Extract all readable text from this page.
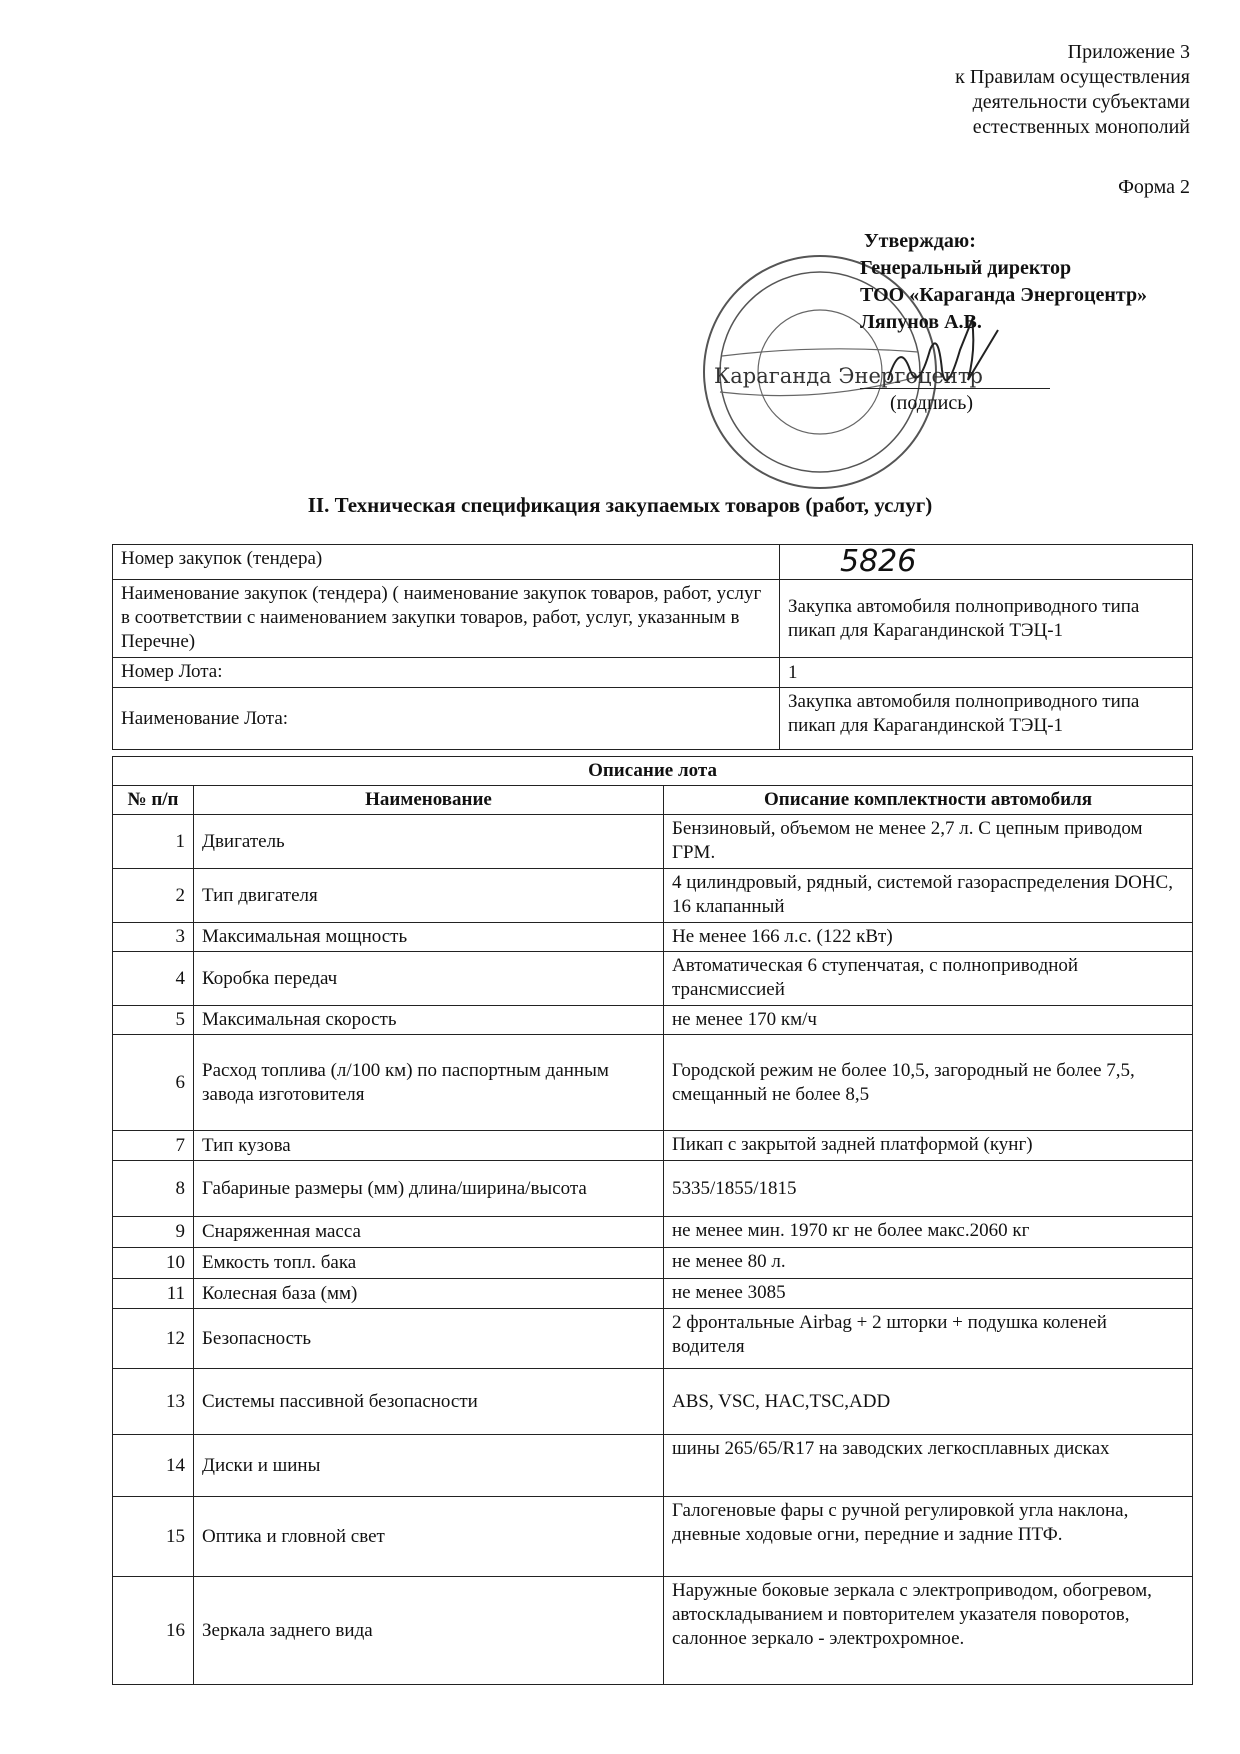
Приложение 3
к Правилам осуществления
деятельности субъектами
естественных монополий
Форма 2
Караганда Энергоцентр
Утверждаю:
Генеральный директор
ТОО «Караганда Энергоцентр»
Ляпунов А.В.
(подпись)
II. Техническая спецификация закупаемых товаров (работ, услуг)
Номер закупок (тендера)	5826
Наименование закупок (тендера) ( наименование закупок товаров, работ, услуг в соответствии с наименованием закупки товаров, работ, услуг, указанным в Перечне)	Закупка автомобиля полноприводного типа пикап для Карагандинской ТЭЦ-1
Номер Лота:	1
Наименование Лота:	Закупка автомобиля полноприводного типа пикап для Карагандинской ТЭЦ-1
Описание лота		
№ п/п	Наименование	Описание комплектности автомобиля
1	Двигатель	Бензиновый, объемом не менее 2,7 л. С цепным приводом ГРМ.
2	Тип двигателя	4 цилиндровый, рядный, системой газораспределения DOHC, 16 клапанный
3	Максимальная мощность	Не менее 166 л.с. (122 кВт)
4	Коробка передач	Автоматическая 6 ступенчатая, с полноприводной трансмиссией
5	Максимальная скорость	не менее 170 км/ч
6	Расход топлива (л/100 км) по паспортным данным завода изготовителя	Городской режим не более 10,5, загородный не более 7,5, смещанный не более 8,5
7	Тип кузова	Пикап с закрытой задней платформой (кунг)
8	Габариные размеры (мм) длина/ширина/высота	5335/1855/1815
9	Снаряженная масса	не менее мин. 1970 кг не более макс.2060 кг
10	Емкость топл. бака	не менее 80 л.
11	Колесная база (мм)	не менее 3085
12	Безопасность	2 фронтальные Airbag + 2 шторки + подушка коленей водителя
13	Системы пассивной безопасности	ABS, VSC, HAC,TSC,ADD
14	Диски и шины	шины 265/65/R17 на заводских легкосплавных дисках
15	Оптика и гловной свет	Галогеновые фары с ручной регулировкой угла наклона, дневные ходовые огни, передние и задние ПТФ.
16	Зеркала заднего вида	Наружные боковые зеркала с электроприводом, обогревом, автоскладыванием и повторителем указателя поворотов, салонное зеркало - электрохромное.
